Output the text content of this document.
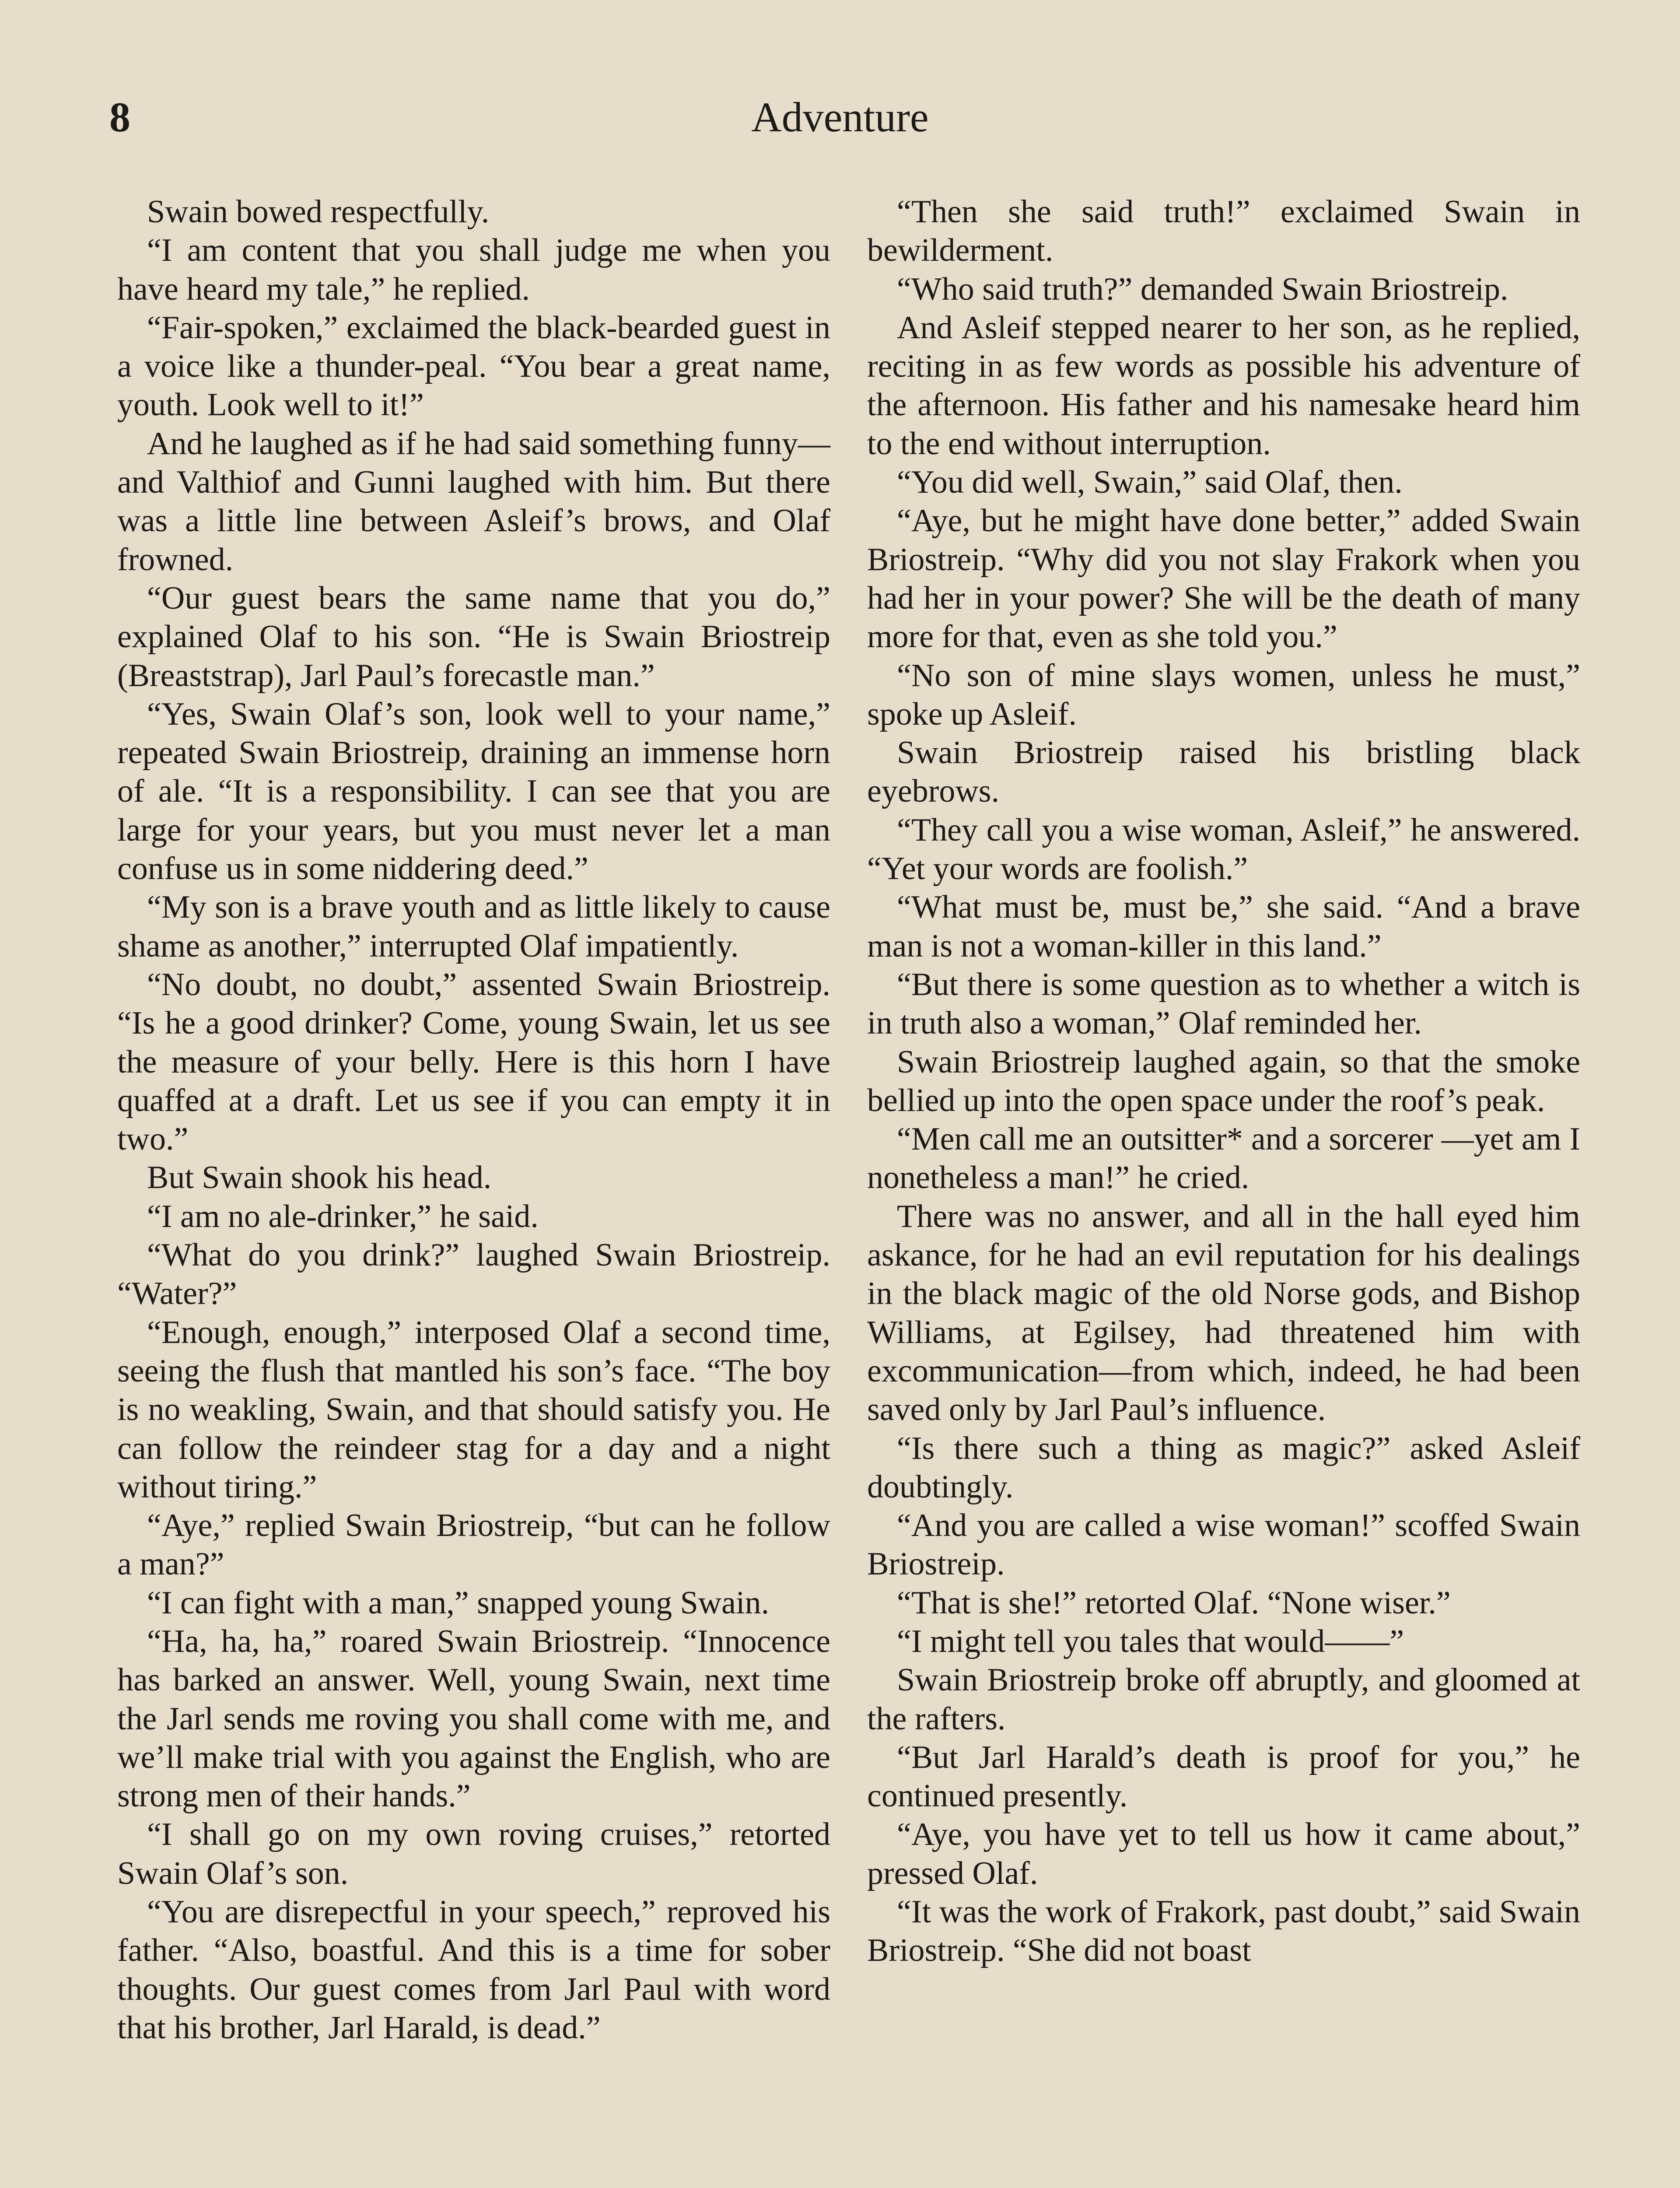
8	Adventure

Swain bowed respectfully.

“I am content that you shall judge me when you have heard my tale,” he replied.

“Fair-spoken,” exclaimed the black-bearded guest in a voice like a thunder-peal. “You bear a great name, youth. Look well to it!”

And he laughed as if he had said something funny—and Valthiof and Gunni laughed with him. But there was a little line between Asleif’s brows, and Olaf frowned.

“Our guest bears the same name that you do,” explained Olaf to his son. “He is Swain Briostreip (Breaststrap), Jarl Paul’s forecastle man.”

“Yes, Swain Olaf’s son, look well to your name,” repeated Swain Briostreip, draining an immense horn of ale. “It is a responsibility. I can see that you are large for your years, but you must never let a man confuse us in some niddering deed.”

“My son is a brave youth and as little likely to cause shame as another,” interrupted Olaf impatiently.

“No doubt, no doubt,” assented Swain Briostreip. “Is he a good drinker? Come, young Swain, let us see the measure of your belly. Here is this horn I have quaffed at a draft. Let us see if you can empty it in two.”

But Swain shook his head.

“I am no ale-drinker,” he said.

“What do you drink?” laughed Swain Briostreip. “Water?”

“Enough, enough,” interposed Olaf a second time, seeing the flush that mantled his son’s face. “The boy is no weakling, Swain, and that should satisfy you. He can follow the reindeer stag for a day and a night without tiring.”

“Aye,” replied Swain Briostreip, “but can he follow a man?”

“I can fight with a man,” snapped young Swain.

“Ha, ha, ha,” roared Swain Briostreip. “Innocence has barked an answer. Well, young Swain, next time the Jarl sends me roving you shall come with me, and we’ll make trial with you against the English, who are strong men of their hands.”

“I shall go on my own roving cruises,” retorted Swain Olaf’s son.

“You are disrepectful in your speech,” reproved his father. “Also, boastful. And this is a time for sober thoughts. Our guest comes from Jarl Paul with word that his brother, Jarl Harald, is dead.”

“Then she said truth!” exclaimed Swain in bewilderment.

“Who said truth?” demanded Swain Briostreip.

And Asleif stepped nearer to her son, as he replied, reciting in as few words as possible his adventure of the afternoon. His father and his namesake heard him to the end without interruption.

“You did well, Swain,” said Olaf, then.

“Aye, but he might have done better,” added Swain Briostreip. “Why did you not slay Frakork when you had her in your power? She will be the death of many more for that, even as she told you.”

“No son of mine slays women, unless he must,” spoke up Asleif.

Swain Briostreip raised his bristling black eyebrows.

“They call you a wise woman, Asleif,” he answered. “Yet your words are foolish.”

“What must be, must be,” she said. “And a brave man is not a woman-killer in this land.”

“But there is some question as to whether a witch is in truth also a woman,” Olaf reminded her.

Swain Briostreip laughed again, so that the smoke bellied up into the open space under the roof’s peak.

“Men call me an outsitter* and a sorcerer —yet am I nonetheless a man!” he cried.

There was no answer, and all in the hall eyed him askance, for he had an evil reputation for his dealings in the black magic of the old Norse gods, and Bishop Williams, at Egilsey, had threatened him with excommunication—from which, indeed, he had been saved only by Jarl Paul’s influence.

“Is there such a thing as magic?” asked Asleif doubtingly.

“And you are called a wise woman!” scoffed Swain Briostreip.

“That is she!” retorted Olaf. “None wiser.”

“I might tell you tales that would——”

Swain Briostreip broke off abruptly, and gloomed at the rafters.

“But Jarl Harald’s death is proof for you,” he continued presently.

“Aye, you have yet to tell us how it came about,” pressed Olaf.

“It was the work of Frakork, past doubt,” said Swain Briostreip. “She did not boast
